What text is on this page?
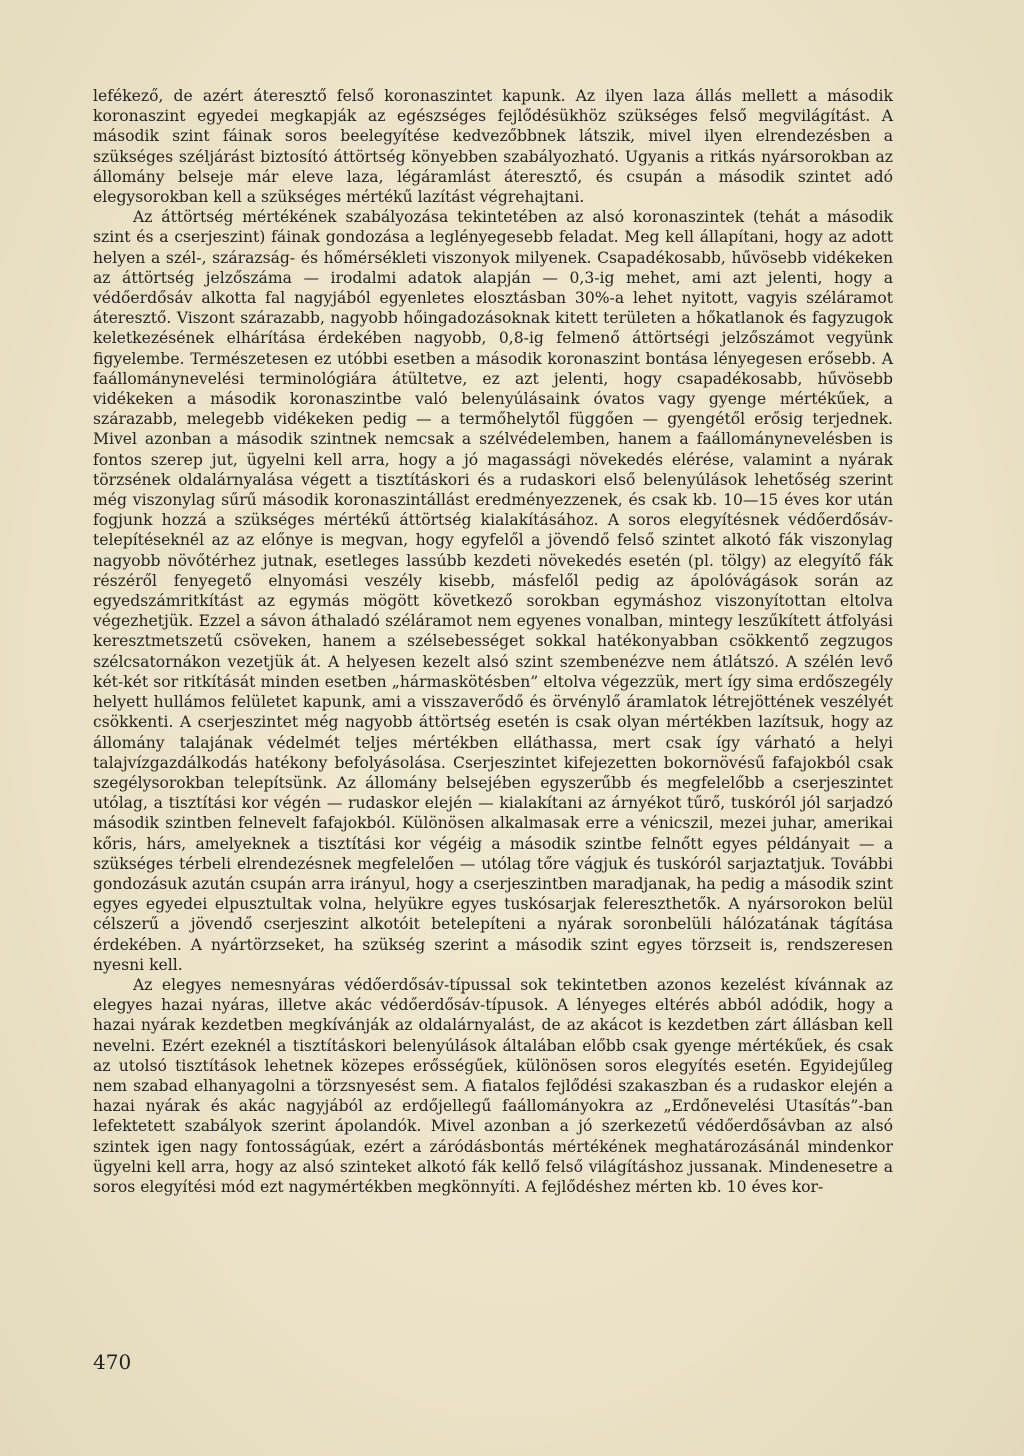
lefékező, de azért áteresztő felső koronaszintet kapunk. Az ilyen laza állás mellett a második koronaszint egyedei megkapják az egészséges fejlődésükhöz szükséges felső megvilágítást. A második szint fáinak soros beelegyítése kedvezőbbnek látszik, mivel ilyen elrendezésben a szükséges széljárást biztosító áttörtség könyebben szabályozható. Ugyanis a ritkás nyársorokban az állomány belseje már eleve laza, légáramlást áteresztő, és csupán a második szintet adó elegysorokban kell a szükséges mértékű lazítást végrehajtani.

Az áttörtség mértékének szabályozása tekintetében az alsó koronaszintek (tehát a második szint és a cserjeszint) fáinak gondozása a leglényegesebb feladat. Meg kell állapítani, hogy az adott helyen a szél-, szárazság- és hőmérsékleti viszonyok milyenek. Csapadékosabb, hűvösebb vidékeken az áttörtség jelzőszáma — irodalmi adatok alapján — 0,3-ig mehet, ami azt jelenti, hogy a védőerdősáv alkotta fal nagyjából egyenletes elosztásban 30%-a lehet nyitott, vagyis széláramot áteresztő. Viszont szárazabb, nagyobb hőingadozásoknak kitett területen a hőkatlanok és fagyzugok keletkezésének elhárítása érdekében nagyobb, 0,8-ig felmenő áttörtségi jelzőszámot vegyünk figyelembe. Természetesen ez utóbbi esetben a második koronaszint bontása lényegesen erősebb. A faállománynevelési terminológiára átültetve, ez azt jelenti, hogy csapadékosabb, hűvösebb vidékeken a második koronaszintbe való belenyúlásaink óvatos vagy gyenge mértékűek, a szárazabb, melegebb vidékeken pedig — a termőhelytől függően — gyengétől erősig terjednek. Mivel azonban a második szintnek nemcsak a szélvédelemben, hanem a faállománynevelésben is fontos szerep jut, ügyelni kell arra, hogy a jó magassági növekedés elérése, valamint a nyárak törzsének oldalárnyalása végett a tisztításkori és a rudaskori első belenyúlások lehetőség szerint még viszonylag sűrű második koronaszintállást eredményezzenek, és csak kb. 10—15 éves kor után fogjunk hozzá a szükséges mértékű áttörtség kialakításához. A soros elegyítésnek védőerdősáv-telepítéseknél az az előnye is megvan, hogy egyfelől a jövendő felső szintet alkotó fák viszonylag nagyobb növőtérhez jutnak, esetleges lassúbb kezdeti növekedés esetén (pl. tölgy) az elegyítő fák részéről fenyegető elnyomási veszély kisebb, másfelől pedig az ápolóvágások során az egyedszámritkítást az egymás mögött következő sorokban egymáshoz viszonyítottan eltolva végezhetjük. Ezzel a sávon áthaladó széláramot nem egyenes vonalban, mintegy leszűkített átfolyási keresztmetszetű csöveken, hanem a szélsebességet sokkal hatékonyabban csökkentő zegzugos szélcsatornákon vezetjük át. A helyesen kezelt alsó szint szembenézve nem átlátszó. A szélén levő két-két sor ritkítását minden esetben „hármaskötésben” eltolva végezzük, mert így sima erdőszegély helyett hullámos felületet kapunk, ami a visszaverődő és örvénylő áramlatok létrejöttének veszélyét csökkenti. A cserjeszintet még nagyobb áttörtség esetén is csak olyan mértékben lazítsuk, hogy az állomány talajának védelmét teljes mértékben elláthassa, mert csak így várható a helyi talajvízgazdálkodás hatékony befolyásolása. Cserjeszintet kifejezetten bokornövésű fafajokból csak szegélysorokban telepítsünk. Az állomány belsejében egyszerűbb és megfelelőbb a cserjeszintet utólag, a tisztítási kor végén — rudaskor elején — kialakítani az árnyékot tűrő, tuskóról jól sarjadzó második szintben felnevelt fafajokból. Különösen alkalmasak erre a vénicszil, mezei juhar, amerikai kőris, hárs, amelyeknek a tisztítási kor végéig a második szintbe felnőtt egyes példányait — a szükséges térbeli elrendezésnek megfelelően — utólag tőre vágjuk és tuskóról sarjaztatjuk. További gondozásuk azután csupán arra irányul, hogy a cserjeszintben maradjanak, ha pedig a második szint egyes egyedei elpusztultak volna, helyükre egyes tuskósarjak felereszthetők. A nyársorokon belül célszerű a jövendő cserjeszint alkotóit betelepíteni a nyárak soronbelüli hálózatának tágítása érdekében. A nyártörzseket, ha szükség szerint a második szint egyes törzseit is, rendszeresen nyesni kell.

Az elegyes nemesnyáras védőerdősáv-típussal sok tekintetben azonos kezelést kívánnak az elegyes hazai nyáras, illetve akác védőerdősáv-típusok. A lényeges eltérés abból adódik, hogy a hazai nyárak kezdetben megkívánják az oldalárnyalást, de az akácot is kezdetben zárt állásban kell nevelni. Ezért ezeknél a tisztításkori belenyúlások általában előbb csak gyenge mértékűek, és csak az utolsó tisztítások lehetnek közepes erősségűek, különösen soros elegyítés esetén. Egyidejűleg nem szabad elhanyagolni a törzsnyesést sem. A fiatalos fejlődési szakaszban és a rudaskor elején a hazai nyárak és akác nagyjából az erdőjellegű faállományokra az „Erdőnevelési Utasítás”-ban lefektetett szabályok szerint ápolandók. Mivel azonban a jó szerkezetű védőerdősávban az alsó szintek igen nagy fontosságúak, ezért a záródásbontás mértékének meghatározásánál mindenkor ügyelni kell arra, hogy az alsó szinteket alkotó fák kellő felső világításhoz jussanak. Mindenesetre a soros elegyítési mód ezt nagymértékben megkönnyíti. A fejlődéshez mérten kb. 10 éves kor-

470
